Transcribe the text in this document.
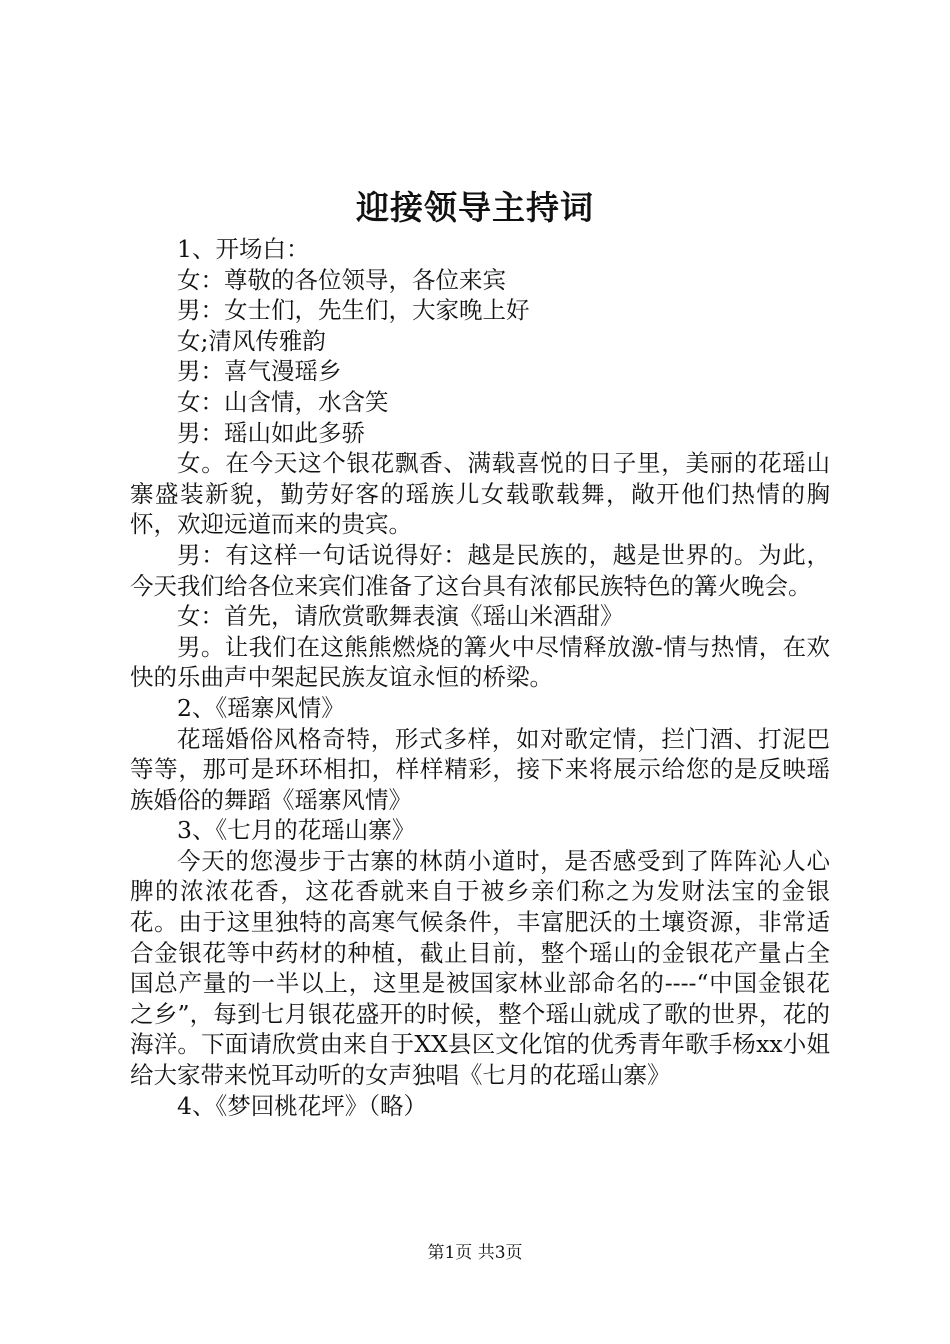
迎接领导主持词

1、开场白：

女：尊敬的各位领导，各位来宾

男：女士们，先生们，大家晚上好

女;清风传雅韵

男：喜气漫瑶乡

女：山含情，水含笑

男：瑶山如此多骄

女。在今天这个银花飘香、满载喜悦的日子里，美丽的花瑶山寨盛装新貌，勤劳好客的瑶族儿女载歌载舞，敞开他们热情的胸怀，欢迎远道而来的贵宾。

男：有这样一句话说得好：越是民族的，越是世界的。为此，今天我们给各位来宾们准备了这台具有浓郁民族特色的篝火晚会。

女：首先，请欣赏歌舞表演《瑶山米酒甜》

男。让我们在这熊熊燃烧的篝火中尽情释放激-情与热情，在欢快的乐曲声中架起民族友谊永恒的桥梁。

2、《瑶寨风情》

花瑶婚俗风格奇特，形式多样，如对歌定情，拦门酒、打泥巴等等，那可是环环相扣，样样精彩，接下来将展示给您的是反映瑶族婚俗的舞蹈《瑶寨风情》

3、《七月的花瑶山寨》

今天的您漫步于古寨的林荫小道时，是否感受到了阵阵沁人心脾的浓浓花香，这花香就来自于被乡亲们称之为发财法宝的金银花。由于这里独特的高寒气候条件，丰富肥沃的土壤资源，非常适合金银花等中药材的种植，截止目前，整个瑶山的金银花产量占全国总产量的一半以上，这里是被国家林业部命名的----“中国金银花之乡”，每到七月银花盛开的时候，整个瑶山就成了歌的世界，花的海洋。下面请欣赏由来自于XX县区文化馆的优秀青年歌手杨xx小姐给大家带来悦耳动听的女声独唱《七月的花瑶山寨》

4、《梦回桃花坪》（略）

第1页 共3页
